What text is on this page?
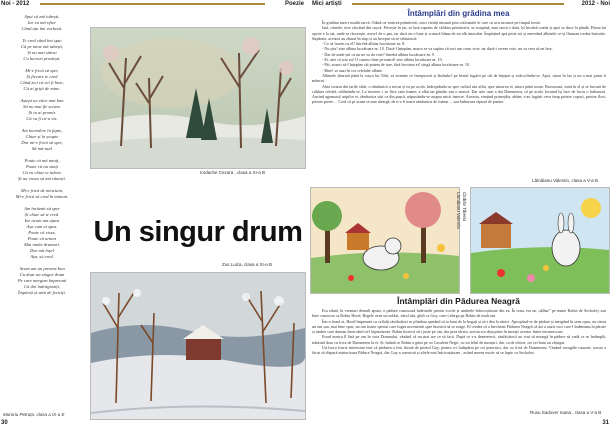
Noi - 2012	Poezie
Spui că mă iubești,
Iar eu mă-nfior
Când ața îmi vorbești.
Te cred când îmi spui
Că pe mine mă iubești,
Și nu mai stărui
Cu lucruri prostești.
Mi-e frică să sper,
Și fiecare te cred
Când zici că vei fi bine,
Că ai grijă de mine.
Aștept un vitor mai bun
Să nu mai fie scrum.
Și tu ai promis
Că va fi ca-n vis.
Am încredere în fapte,
Chiar și în șoapte
Dar mi-e frică să sper,
Să mă-nșel
Poate că mă minți,
Poate că nu simți
Că eu chiar te iubesc
Și nu vreau să mă rănești.
Mi-e frică de minciuni,
Mi-e frică să cred în minuni.
Am înrăznit să sper
Și chiar să te cred.
Iar acum am ajuns
Așa cum ai spus.
Poate că visez,
Poate că urmez
Mai multe drumuri.
Dar mă înșel
Așa, să cred.
Acum am un prezent bun
Cu doar un singur drum
Pe care mergem împreună
Că doi îndrăgostiți,
Împăriți și-atât de fericiți.
Muroriu Petruța, clasa a IX-a E
30
Iordache Cezara , clasa a XI-a B
Un singur drum
Zus Luiza, clasa a XI-a B
Mici artiști	2012 - Noi
Întâmplări din grădina mea

În grădina mea e multă zarvă. Odată cu venirea primăverii, mici vietăți misună prin cotloanele le care cu acu ascunse pe timpul iernii.

Iată, cărnele, iese căscând din cușcă. Privește în jur, se lasă cuprins de căldura primăverii, se scarpină, mai cască o dată, își încalză coada și apoi se duce la pândă. Prima lui oprire e la sat, unde se răcorește, avea-l de o pas, iar dacă nu e bine și scutură blana de un alb imaculat. Împărțind apă peste tot și enervând albinele ce-și fluturau treaba însiruite. Supărate, acestea au zburat în stup și au început să se sfătuiască:

- Ce să facem cu el? întrebă albina lucrătoare nr. 8.

- Nu știu! zise albina lucrătoare nr. 10. Dacă-l înțepăm, matca se va supăra că nu-i am cerut voie, iar dacă-i cerem voie, nu va vrea să ne lase.

- Dar de unde știi că nu ne va da voie? întrebă albina lucrătoare nr. 9.

- Ei, uite că știu eu! O cunosc bine pe matcă! zise albina lucrătoare nr. 10.

- Păi, atunci să-l înțepăm cât putem de tare, fără învoirea ei! strigă albina lucrătoare nr. 10.

- Bine! se auzi în cor celelalte albine.

Albinele zburară până la cușca lui Tobi, să termine ce începuseră și lăsându-l pe bietul fugărit pe cât de înțepat și zvârcolindu-se. Apoi, căzut în laz și nu a mai putut fi mâncat.

Abia scoasă din țarile câde, o rândunică a trecut și ea pe acolo, îndreptându-se spre cuibul său aflat, spre miraroa ei, intact până acum. Bucuroasă, intră în el și se bucură de căldura oferită, odihnindu-se. La treziree, i se făcu cam foame; a aflat un gândac sau o muscă. Dar uite cum a dat Dumnezeu, că pe acolo locuind își face de lucru o buburuză. Aucind agomotul aripilor ei, rândunica sări ca din pușcă, năpustindu-se asupra micii insecte. Aceasta, simțind primejdia, zbârn; s-au fugărit ceva timp printre copaci, printre flori, printre pietre ... Cred că pi acum se mai aleargă, de n-o fi marit rândunica de foame ... sau buburuza răpusă de pasăre.

Lămâianu Valentin, clasa a V-a B
Lămâianu Valentin Ciobăn Tiberiu
Întâmplări din Pădurea Neagră

Era odată, în vremuri demult apuse, o pădure cunoscută îndeosebi pentru vocile și umbrele înfricoșătoare din ea. În orau, era un „tâlhar” pe nume Robin de Sockoley sau bine cunoscut ca Robin Hood. Regele avea un soldat, vărul său, ghilt ca Guy, care-i alerga pe Robin de mult ani.

Într-o bună zi, Hood împreună cu ceilalți răufăcători se plimbau spetând să ia bani de la bogați și să-i dea la săraci. Apropiind-se de pădure și mergând în sens opus, au văzut un om sau, mai bine spus, un om foarte speriat care fugea nocentenit spre biserică să se roage. El credea că a înecheiat Pădurea Neagră că ăzi a auzit voci care-l îndemnau la păcate și umbre care dansau încercând să-l hipnotizeze. Robin încercă să-i juste pe om, dar prea târziu, acesta era deja prins în mreaje acestor finite necunoscute.

Eroul nostru îl lăsă pe om în voia Domnului, văzând că nu mai are ce să facă. După ce s-a dezmetecit, răufăcătorii au vrut să meargă în pădure să vadă ce se întâmplă, trântind doar cu frica de Dumnezeu la ei. Și, îndată ce Robin a găsit pe cu Cavaleni Negri, cu tot felul de monștri, dar, ca de obicei, tot cei buni au câștigat.

Un lucru foarte interesant este că pădurea a fost făcută de prietul Guy, pentru a-i îndepărta pe cei puternici, dar cu frică de Dumnezeu. Văzând ravagiile cauzate, acesta a făcut să dispară misterioasa Pădure Neagră, dar Guy a construit și altele mai înfricoșătoare , având mereu motiv să se lupte cu Sockoley.

Rusu Sadover Ioana , clasa a V-a B
31
